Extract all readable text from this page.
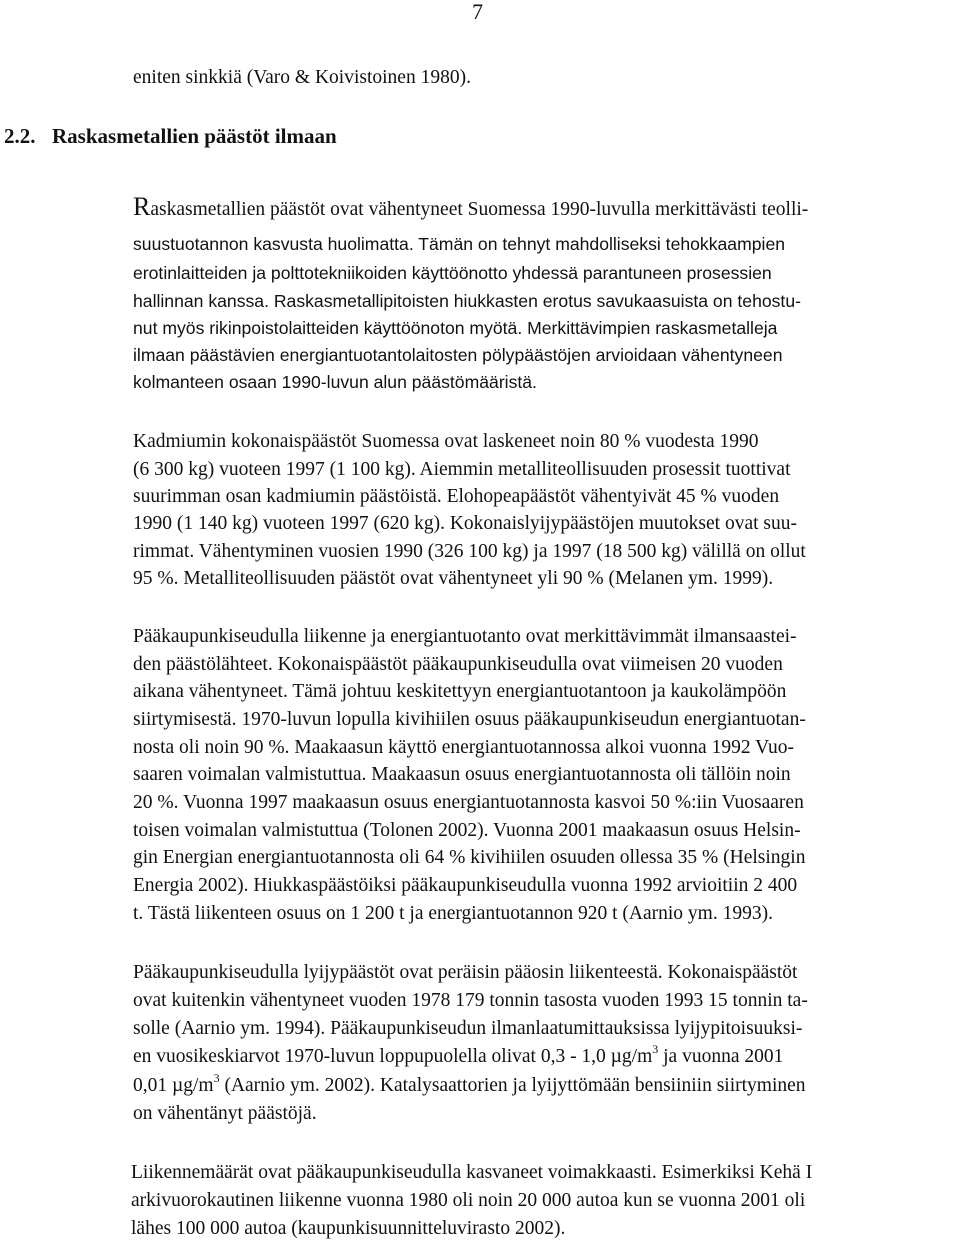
7
eniten sinkkiä (Varo & Koivistoinen 1980).
2.2. Raskasmetallien päästöt ilmaan
Raskasmetallien päästöt ovat vähentyneet Suomessa 1990-luvulla merkittävästi teolli-
suustuotannon kasvusta huolimatta. Tämän on tehnyt mahdolliseksi tehokkaampien
erotinlaitteiden ja polttotekniikoiden käyttöönotto yhdessä parantuneen prosessien
hallinnan kanssa. Raskasmetallipitoisten hiukkasten erotus savukaasuista on tehostu-
nut myös rikinpoistolaitteiden käyttöönoton myötä. Merkittävimpien raskasmetalleja
ilmaan päästävien energiantuotantolaitosten pölypäästöjen arvioidaan vähentyneen
kolmanteen osaan 1990-luvun alun päästömääristä.
Kadmiumin kokonaispäästöt Suomessa ovat laskeneet noin 80 % vuodesta 1990
(6 300 kg) vuoteen 1997 (1 100 kg). Aiemmin metalliteollisuuden prosessit tuottivat
suurimman osan kadmiumin päästöistä. Elohopeapäästöt vähentyivät 45 % vuoden
1990 (1 140 kg) vuoteen 1997 (620 kg). Kokonaislyijypäästöjen muutokset ovat suu-
rimmat. Vähentyminen vuosien 1990 (326 100 kg) ja 1997 (18 500 kg) välillä on ollut
95 %. Metalliteollisuuden päästöt ovat vähentyneet yli 90 % (Melanen ym. 1999).
Pääkaupunkiseudulla liikenne ja energiantuotanto ovat merkittävimmät ilmansaastei-
den päästölähteet. Kokonaispäästöt pääkaupunkiseudulla ovat viimeisen 20 vuoden
aikana vähentyneet. Tämä johtuu keskitettyyn energiantuotantoon ja kaukolämpöön
siirtymisestä. 1970-luvun lopulla kivihiilen osuus pääkaupunkiseudun energiantuotan-
nosta oli noin 90 %. Maakaasun käyttö energiantuotannossa alkoi vuonna 1992 Vuo-
saaren voimalan valmistuttua. Maakaasun osuus energiantuotannosta oli tällöin noin
20 %. Vuonna 1997 maakaasun osuus energiantuotannosta kasvoi 50 %:iin Vuosaaren
toisen voimalan valmistuttua (Tolonen 2002). Vuonna 2001 maakaasun osuus Helsin-
gin Energian energiantuotannosta oli 64 % kivihiilen osuuden ollessa 35 % (Helsingin
Energia 2002). Hiukkaspäästöiksi pääkaupunkiseudulla vuonna 1992 arvioitiin 2 400
t. Tästä liikenteen osuus on 1 200 t ja energiantuotannon 920 t (Aarnio ym. 1993).
Pääkaupunkiseudulla lyijypäästöt ovat peräisin pääosin liikenteestä. Kokonaispäästöt
ovat kuitenkin vähentyneet vuoden 1978 179 tonnin tasosta vuoden 1993 15 tonnin ta-
solle (Aarnio ym. 1994). Pääkaupunkiseudun ilmanlaatumittauksissa lyijypitoisuuksi-
en vuosikeskiarvot 1970-luvun loppupuolella olivat 0,3 - 1,0 $\mu g/m^3$ ja vuonna 2001
0,01 $\mu g/m^3$ (Aarnio ym. 2002). Katalysaattorien ja lyijyttömään bensiiniin siirtyminen
on vähentänyt päästöjä.
Liikennemäärät ovat pääkaupunkiseudulla kasvaneet voimakkaasti. Esimerkiksi Kehä I
arkivuorokautinen liikenne vuonna 1980 oli noin 20 000 autoa kun se vuonna 2001 oli
lähes 100 000 autoa (kaupunkisuunnitteluvirasto 2002).
